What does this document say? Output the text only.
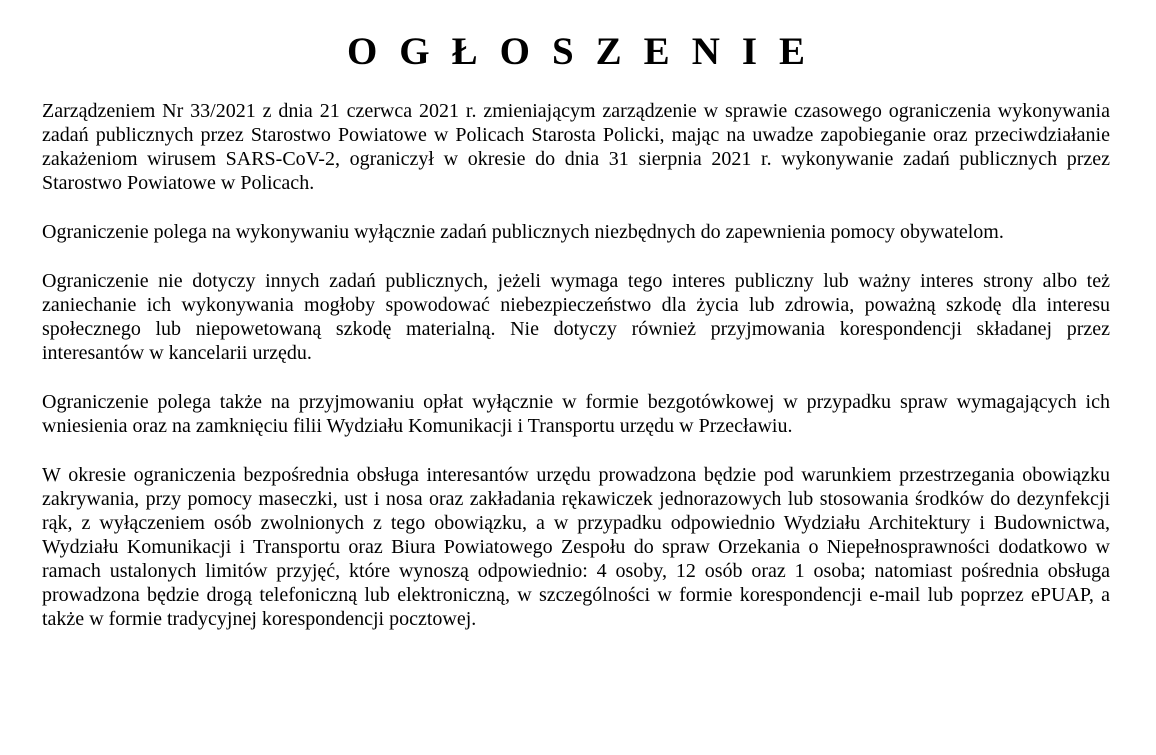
OGŁOSZENIE

Zarządzeniem Nr 33/2021 z dnia 21 czerwca 2021 r. zmieniającym zarządzenie w sprawie czasowego ograniczenia wykonywania zadań publicznych przez Starostwo Powiatowe w Policach Starosta Policki, mając na uwadze zapobieganie oraz przeciwdziałanie zakażeniom wirusem SARS-CoV-2, ograniczył w okresie do dnia 31 sierpnia 2021 r. wykonywanie zadań publicznych przez Starostwo Powiatowe w Policach.

Ograniczenie polega na wykonywaniu wyłącznie zadań publicznych niezbędnych do zapewnienia pomocy obywatelom.

Ograniczenie nie dotyczy innych zadań publicznych, jeżeli wymaga tego interes publiczny lub ważny interes strony albo też zaniechanie ich wykonywania mogłoby spowodować niebezpieczeństwo dla życia lub zdrowia, poważną szkodę dla interesu społecznego lub niepowetowaną szkodę materialną. Nie dotyczy również przyjmowania korespondencji składanej przez interesantów w kancelarii urzędu.

Ograniczenie polega także na przyjmowaniu opłat wyłącznie w formie bezgotówkowej w przypadku spraw wymagających ich wniesienia oraz na zamknięciu filii Wydziału Komunikacji i Transportu urzędu w Przecławiu.

W okresie ograniczenia bezpośrednia obsługa interesantów urzędu prowadzona będzie pod warunkiem przestrzegania obowiązku zakrywania, przy pomocy maseczki, ust i nosa oraz zakładania rękawiczek jednorazowych lub stosowania środków do dezynfekcji rąk, z wyłączeniem osób zwolnionych z tego obowiązku, a w przypadku odpowiednio Wydziału Architektury i Budownictwa, Wydziału Komunikacji i Transportu oraz Biura Powiatowego Zespołu do spraw Orzekania o Niepełnosprawności dodatkowo w ramach ustalonych limitów przyjęć, które wynoszą odpowiednio: 4 osoby, 12 osób oraz 1 osoba; natomiast pośrednia obsługa prowadzona będzie drogą telefoniczną lub elektroniczną, w szczególności w formie korespondencji e-mail lub poprzez ePUAP, a także w formie tradycyjnej korespondencji pocztowej.
